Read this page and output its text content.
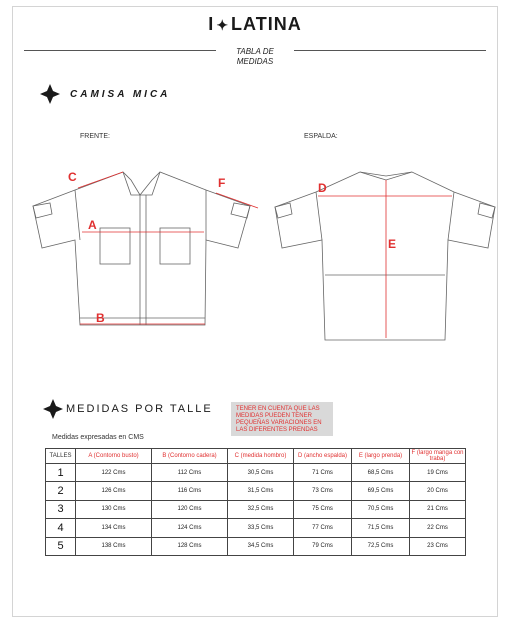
I ✦ LATINA
TABLA DE
MEDIDAS
CAMISA MICA
FRENTE:	ESPALDA:
C	F
A
B
D
E
MEDIDAS POR TALLE	TENER EN CUENTA QUE LAS MEDIDAS PUEDEN TENER PEQUEÑAS VARIACIONES EN LAS DIFERENTES PRENDAS
Medidas expresadas en CMS
TALLES	A (Contorno busto)	B (Contorno cadera)	C (medida hombro)	D (ancho espalda)	E (largo prenda)	F (largo manga con traba)
1	122 Cms	112 Cms	30,5 Cms	71 Cms	68,5 Cms	19 Cms
2	126 Cms	116 Cms	31,5 Cms	73 Cms	69,5 Cms	20 Cms
3	130 Cms	120 Cms	32,5 Cms	75 Cms	70,5 Cms	21 Cms
4	134 Cms	124 Cms	33,5 Cms	77 Cms	71,5 Cms	22 Cms
5	138 Cms	128 Cms	34,5 Cms	79 Cms	72,5 Cms	23 Cms
